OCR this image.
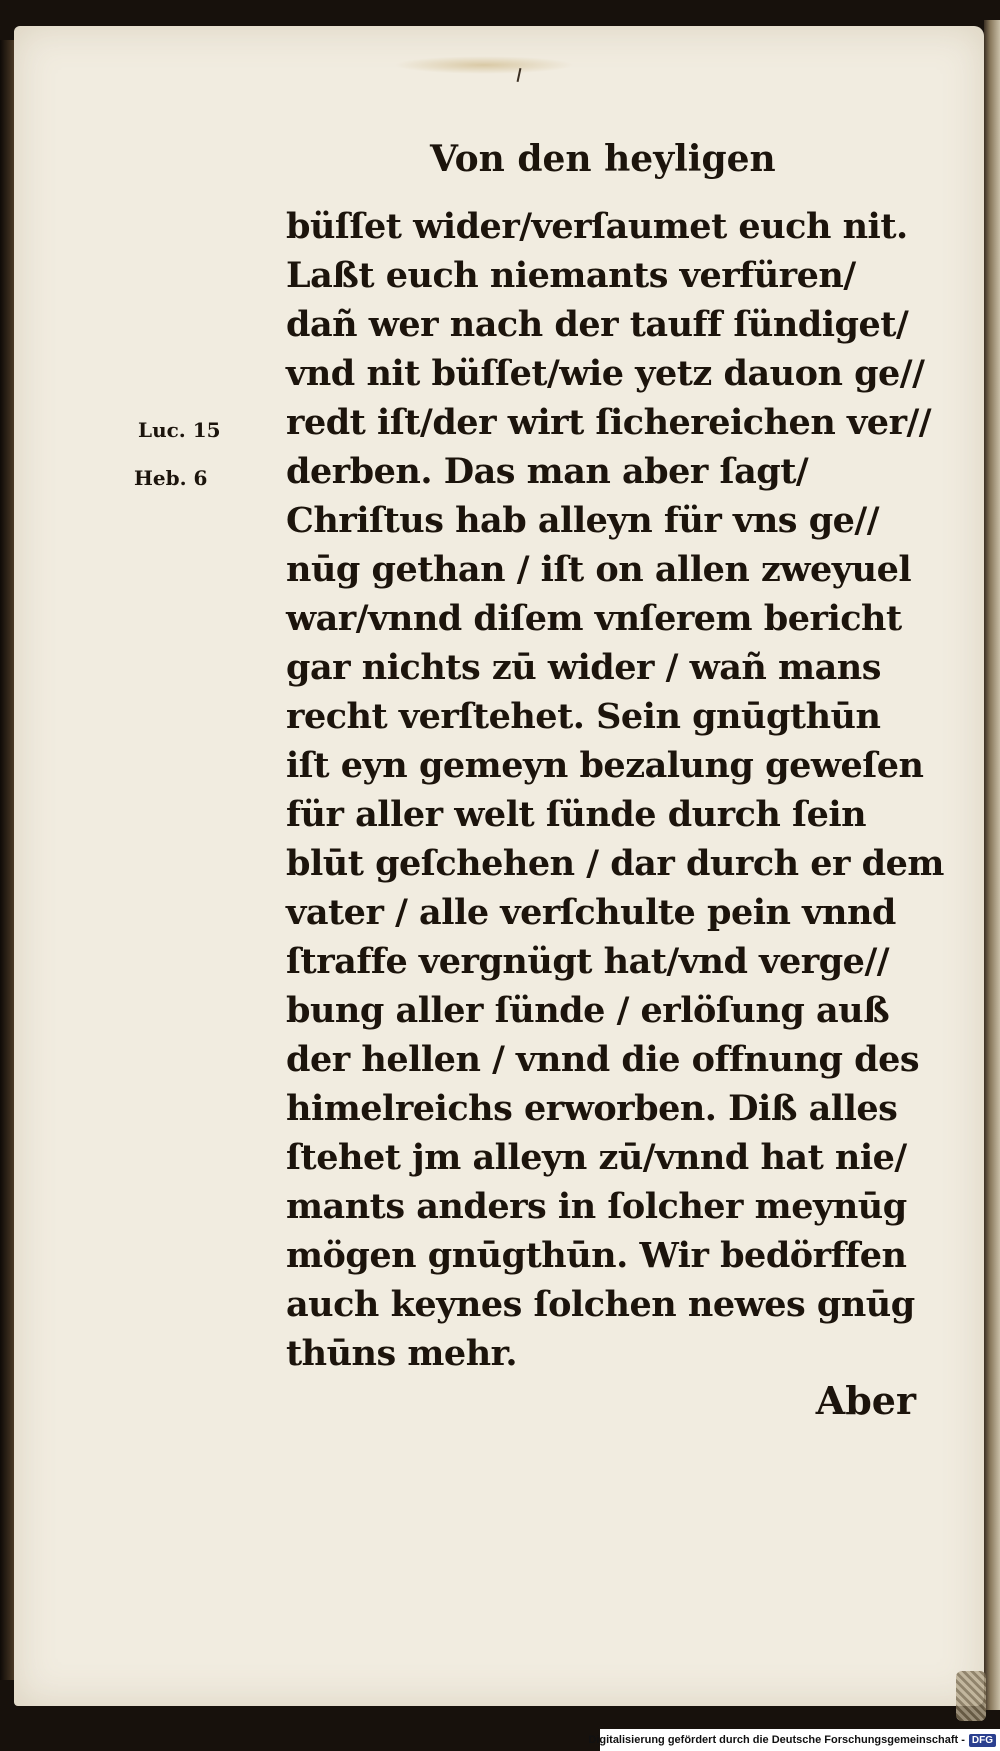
Von den heyligen
Luc. 15
Heb. 6
büſſet wider/verſaumet euch nit.
Laßt euch niemants verfüren/
dañ wer nach der tauff ſündiget/
vnd nit büſſet/wie yetz dauon ge//
redt iſt/der wirt ſichereichen ver//
derben. Das man aber ſagt/
Chriſtus hab alleyn für vns ge//
nūg gethan / iſt on allen zweyuel
war/vnnd diſem vnſerem bericht
gar nichts zū wider / wañ mans
recht verſtehet. Sein gnūgthūn
iſt eyn gemeyn bezalung geweſen
für aller welt ſünde durch ſein
blūt geſchehen / dar durch er dem
vater / alle verſchulte pein vnnd
ſtraffe vergnügt hat/vnd verge//
bung aller ſünde / erlöſung auß
der hellen / vnnd die offnung des
himelreichs erworben. Diß alles
ſtehet jm alleyn zū/vnnd hat nie/
mants anders in ſolcher meynūg
mögen gnūgthūn. Wir bedörffen
auch keynes ſolchen newes gnūg
thūns mehr.
Aber
Digitalisierung gefördert durch die Deutsche Forschungsgemeinschaft - DFG
